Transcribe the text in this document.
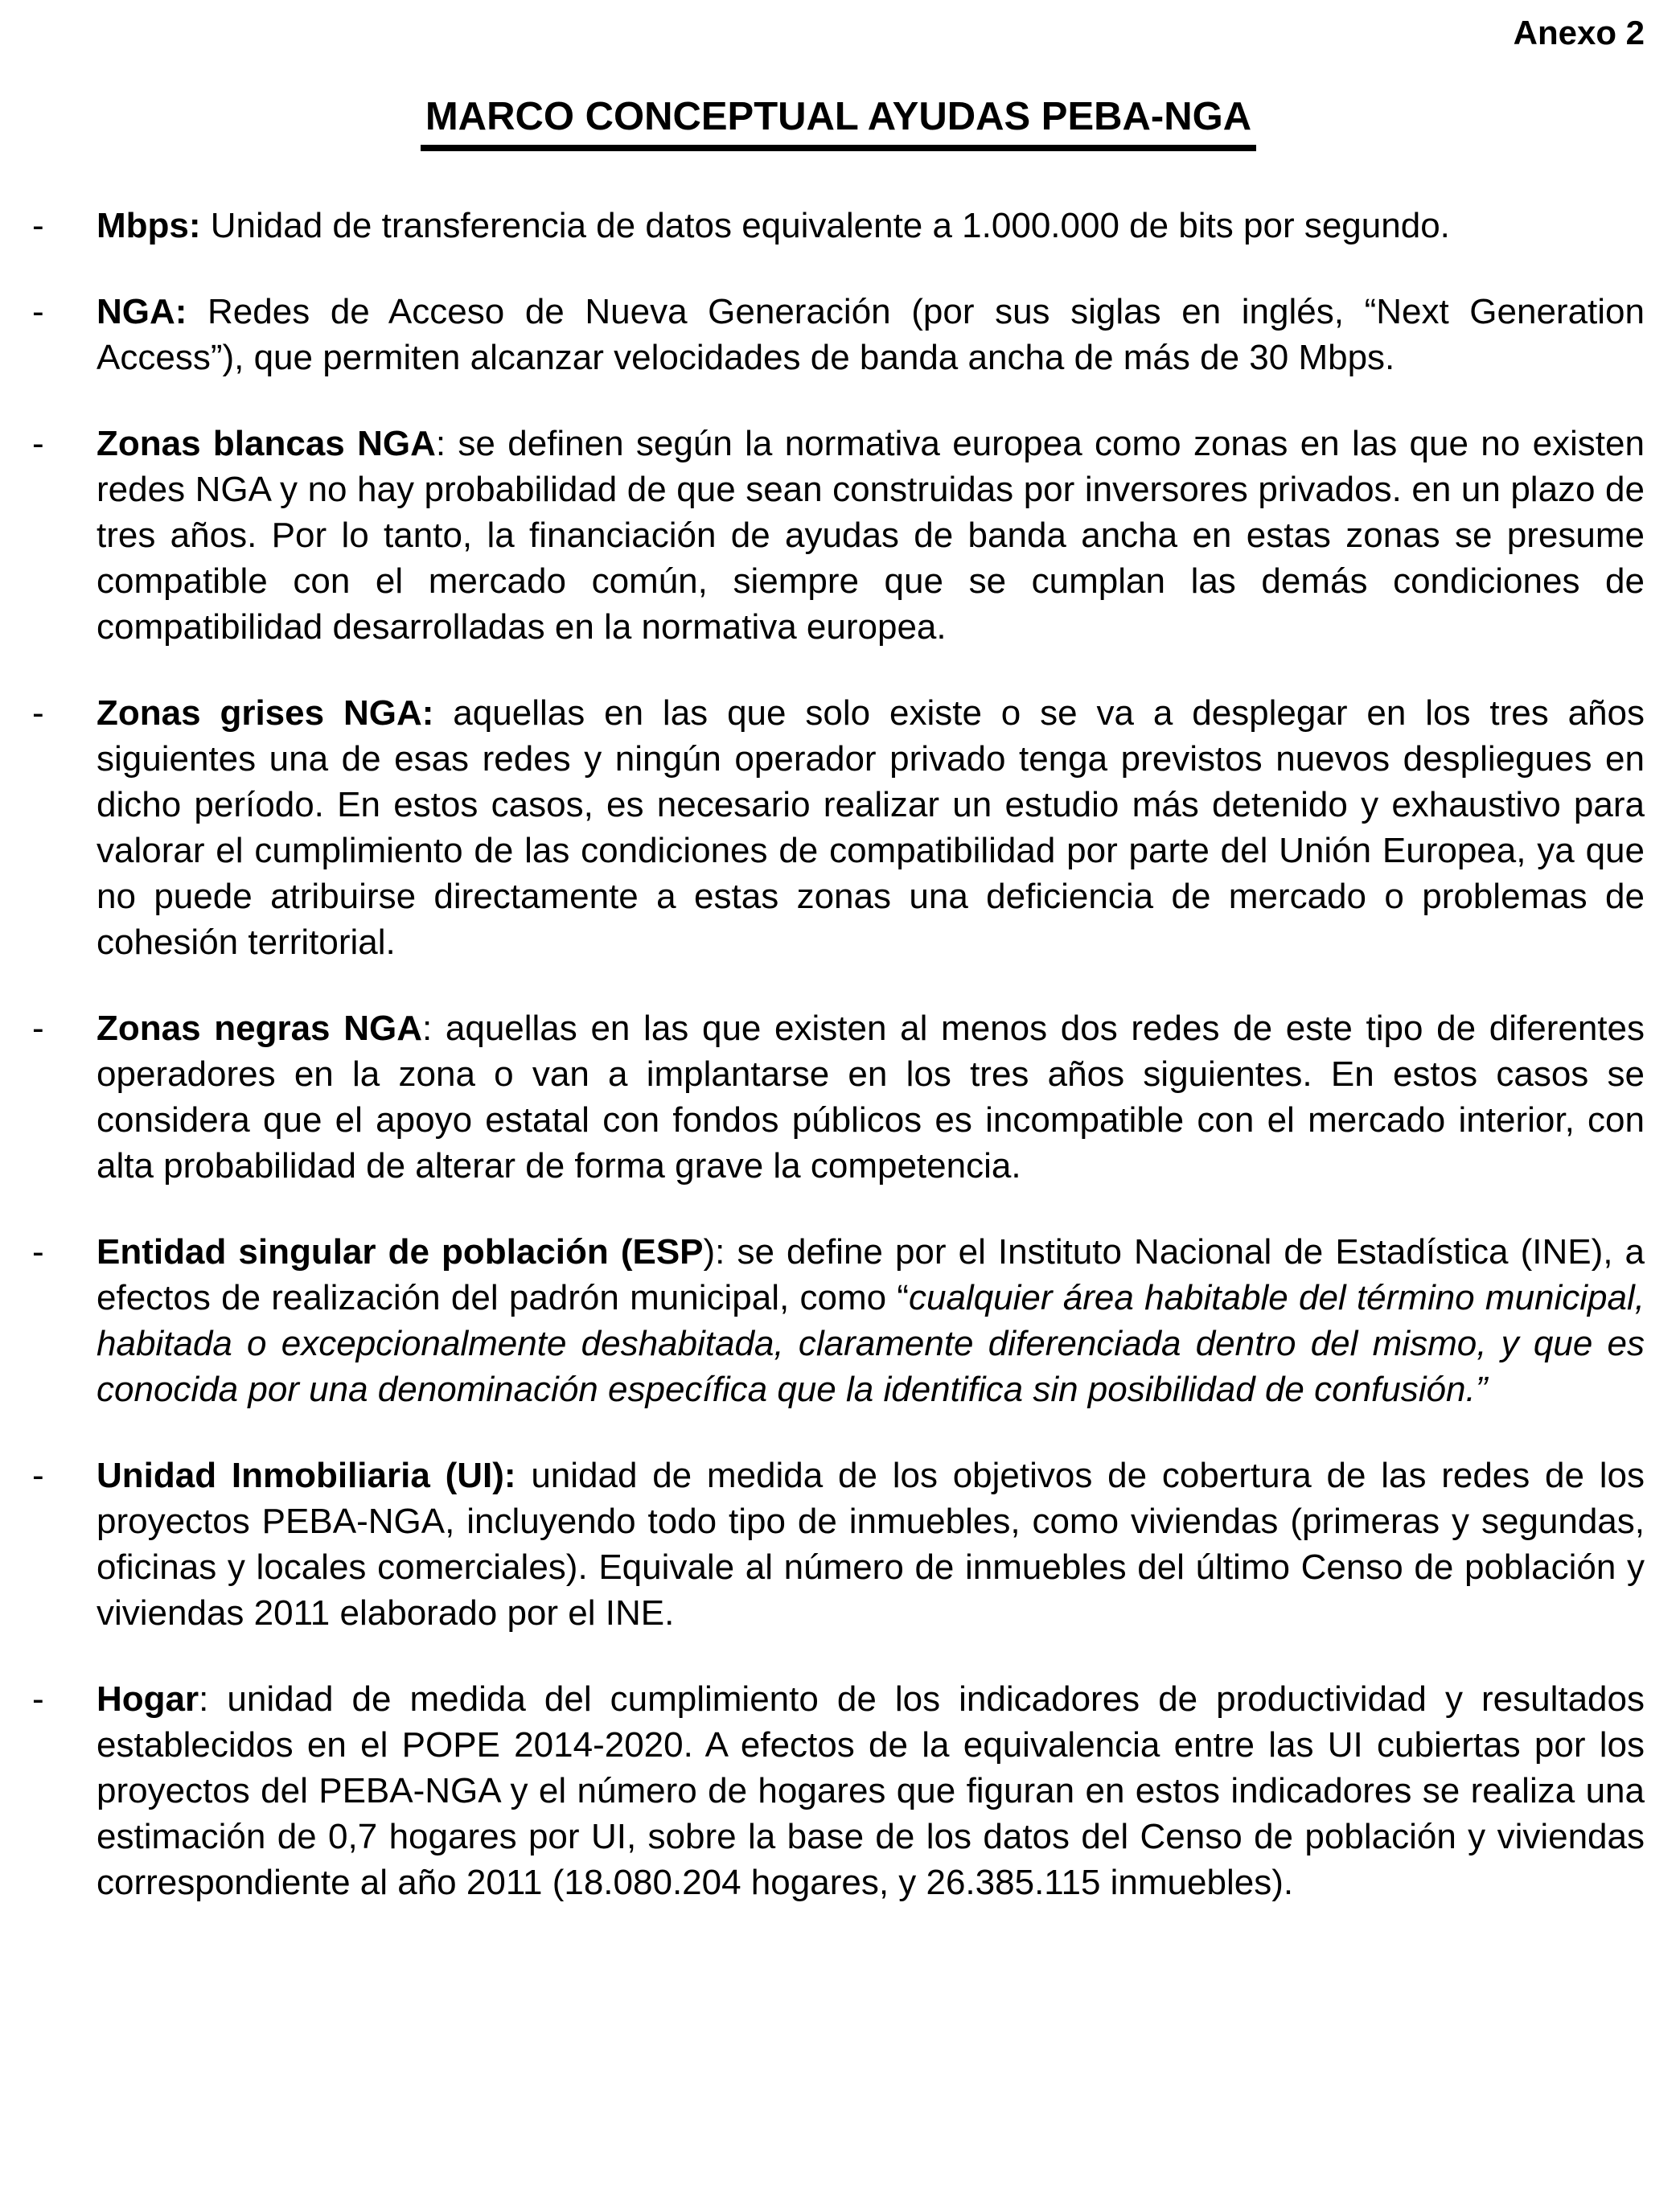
Anexo 2
MARCO CONCEPTUAL AYUDAS PEBA-NGA
- Mbps: Unidad de transferencia de datos equivalente a 1.000.000 de bits por segundo.

- NGA: Redes de Acceso de Nueva Generación (por sus siglas en inglés, “Next Generation Access”), que permiten alcanzar velocidades de banda ancha de más de 30 Mbps.

- Zonas blancas NGA: se definen según la normativa europea como zonas en las que no existen redes NGA y no hay probabilidad de que sean construidas por inversores privados. en un plazo de tres años. Por lo tanto, la financiación de ayudas de banda ancha en estas zonas se presume compatible con el mercado común, siempre que se cumplan las demás condiciones de compatibilidad desarrolladas en la normativa europea.

- Zonas grises NGA: aquellas en las que solo existe o se va a desplegar en los tres años siguientes una de esas redes y ningún operador privado tenga previstos nuevos despliegues en dicho período. En estos casos, es necesario realizar un estudio más detenido y exhaustivo para valorar el cumplimiento de las condiciones de compatibilidad por parte del Unión Europea, ya que no puede atribuirse directamente a estas zonas una deficiencia de mercado o problemas de cohesión territorial.

- Zonas negras NGA: aquellas en las que existen al menos dos redes de este tipo de diferentes operadores en la zona o van a implantarse en los tres años siguientes. En estos casos se considera que el apoyo estatal con fondos públicos es incompatible con el mercado interior, con alta probabilidad de alterar de forma grave la competencia.

- Entidad singular de población (ESP): se define por el Instituto Nacional de Estadística (INE), a efectos de realización del padrón municipal, como “cualquier área habitable del término municipal, habitada o excepcionalmente deshabitada, claramente diferenciada dentro del mismo, y que es conocida por una denominación específica que la identifica sin posibilidad de confusión.”

- Unidad Inmobiliaria (UI): unidad de medida de los objetivos de cobertura de las redes de los proyectos PEBA-NGA, incluyendo todo tipo de inmuebles, como viviendas (primeras y segundas, oficinas y locales comerciales). Equivale al número de inmuebles del último Censo de población y viviendas 2011 elaborado por el INE.

- Hogar: unidad de medida del cumplimiento de los indicadores de productividad y resultados establecidos en el POPE 2014-2020. A efectos de la equivalencia entre las UI cubiertas por los proyectos del PEBA-NGA y el número de hogares que figuran en estos indicadores se realiza una estimación de 0,7 hogares por UI, sobre la base de los datos del Censo de población y viviendas correspondiente al año 2011 (18.080.204 hogares, y 26.385.115 inmuebles).
